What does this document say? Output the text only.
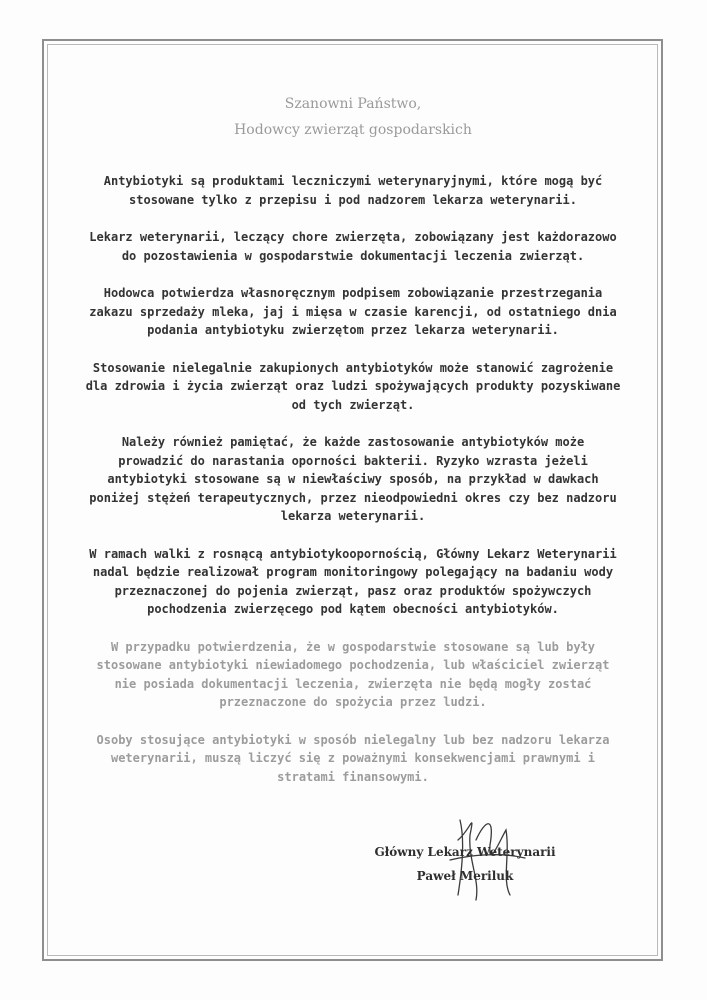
Szanowni Państwo,
Hodowcy zwierząt gospodarskich
Antybiotyki są produktami leczniczymi weterynaryjnymi, które mogą być
stosowane tylko z przepisu i pod nadzorem lekarza weterynarii.
Lekarz weterynarii, leczący chore zwierzęta, zobowiązany jest każdorazowo
do pozostawienia w gospodarstwie dokumentacji leczenia zwierząt.
Hodowca potwierdza własnoręcznym podpisem zobowiązanie przestrzegania
zakazu sprzedaży mleka, jaj i mięsa w czasie karencji, od ostatniego dnia
podania antybiotyku zwierzętom przez lekarza weterynarii.
Stosowanie nielegalnie zakupionych antybiotyków może stanowić zagrożenie
dla zdrowia i życia zwierząt oraz ludzi spożywających produkty pozyskiwane
od tych zwierząt.
Należy również pamiętać, że każde zastosowanie antybiotyków może
prowadzić do narastania oporności bakterii. Ryzyko wzrasta jeżeli
antybiotyki stosowane są w niewłaściwy sposób, na przykład w dawkach
poniżej stężeń terapeutycznych, przez nieodpowiedni okres czy bez nadzoru
lekarza weterynarii.
W ramach walki z rosnącą antybiotykoopornością, Główny Lekarz Weterynarii
nadal będzie realizował program monitoringowy polegający na badaniu wody
przeznaczonej do pojenia zwierząt, pasz oraz produktów spożywczych
pochodzenia zwierzęcego pod kątem obecności antybiotyków.
W przypadku potwierdzenia, że w gospodarstwie stosowane są lub były
stosowane antybiotyki niewiadomego pochodzenia, lub właściciel zwierząt
nie posiada dokumentacji leczenia, zwierzęta nie będą mogły zostać
przeznaczone do spożycia przez ludzi.
Osoby stosujące antybiotyki w sposób nielegalny lub bez nadzoru lekarza
weterynarii, muszą liczyć się z poważnymi konsekwencjami prawnymi i
stratami finansowymi.
Główny Lekarz Weterynarii
Paweł Meriluk
